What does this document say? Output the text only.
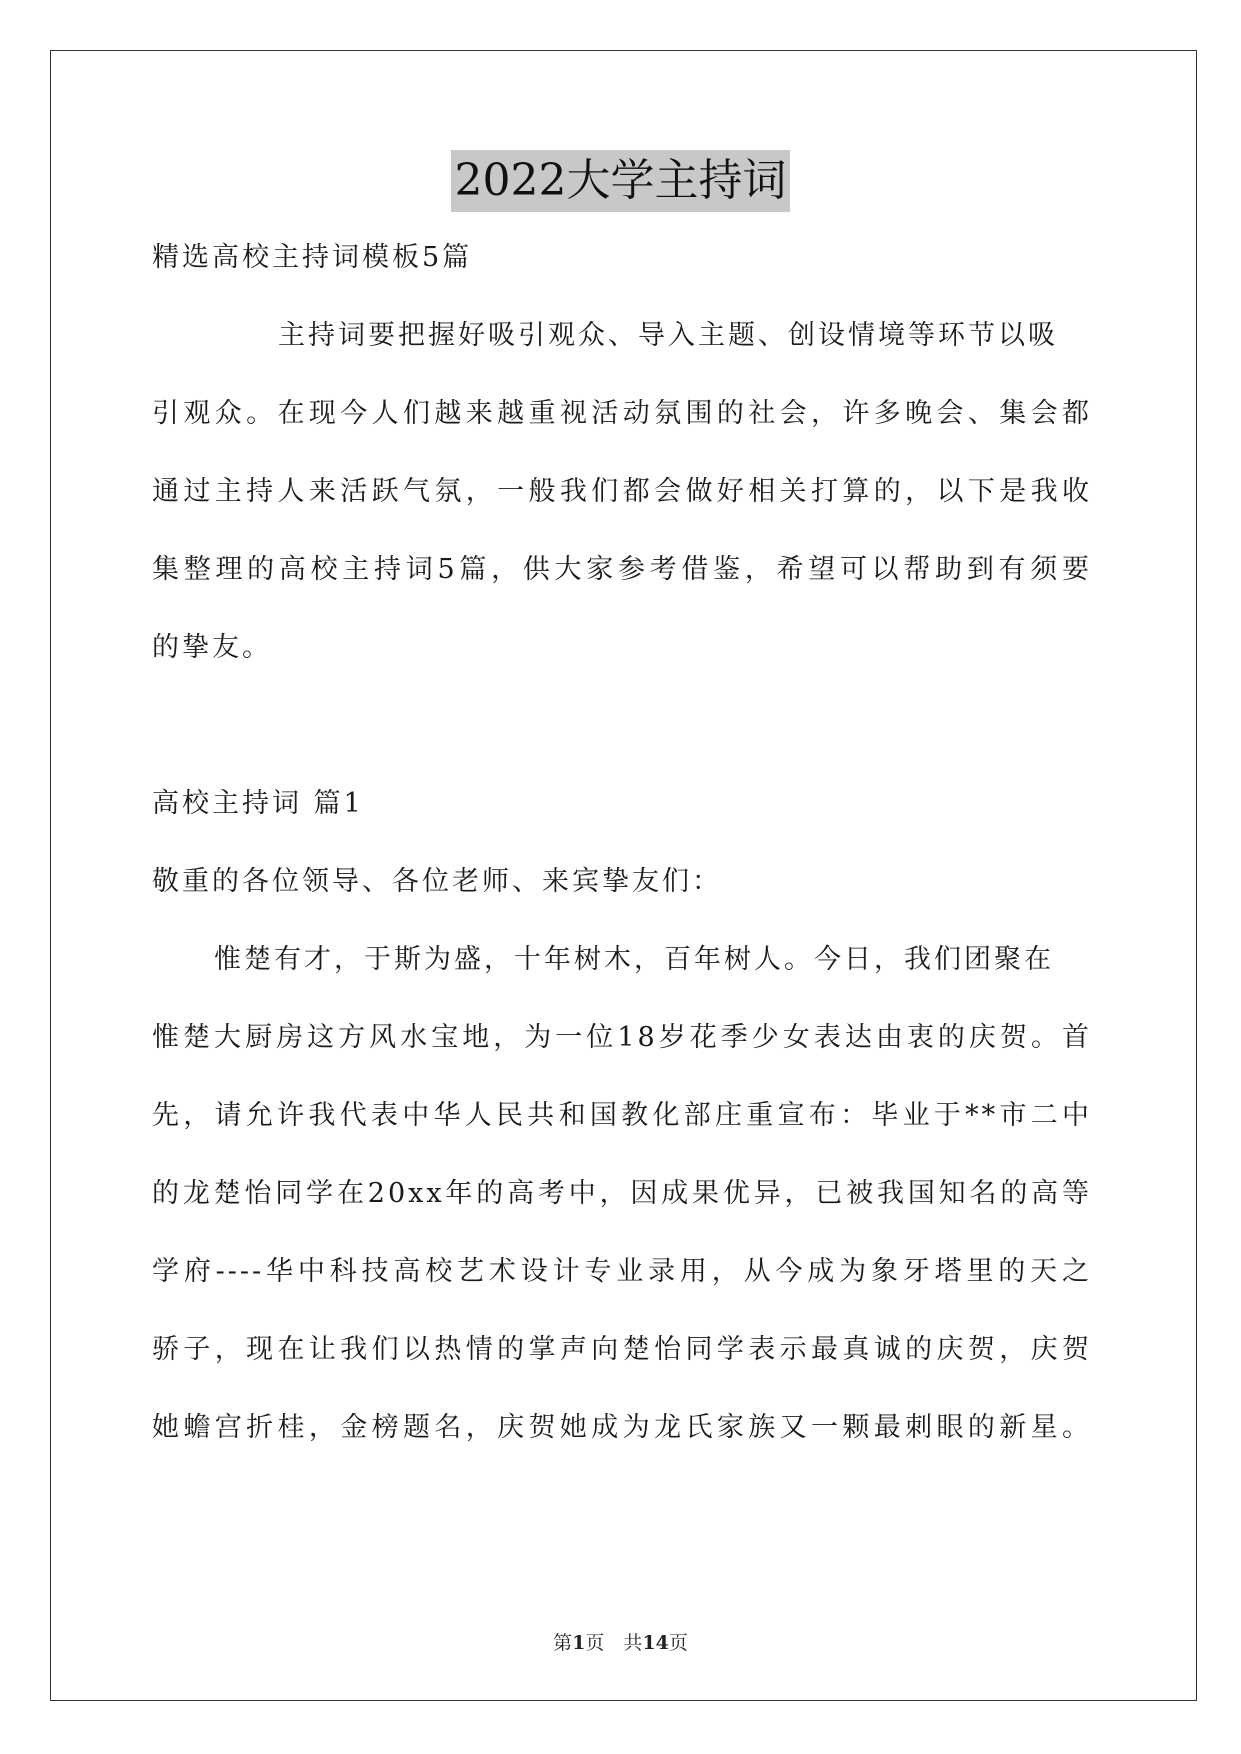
2022大学主持词
精选高校主持词模板5篇
主持词要把握好吸引观众、导入主题、创设情境等环节以吸
引观众。在现今人们越来越重视活动氛围的社会，许多晚会、集会都
通过主持人来活跃气氛，一般我们都会做好相关打算的，以下是我收
集整理的高校主持词5篇，供大家参考借鉴，希望可以帮助到有须要
的挚友。
高校主持词 篇1
敬重的各位领导、各位老师、来宾挚友们：
惟楚有才，于斯为盛，十年树木，百年树人。今日，我们团聚在
惟楚大厨房这方风水宝地，为一位18岁花季少女表达由衷的庆贺。首
先，请允许我代表中华人民共和国教化部庄重宣布：毕业于**市二中
的龙楚怡同学在20xx年的高考中，因成果优异，已被我国知名的高等
学府----华中科技高校艺术设计专业录用，从今成为象牙塔里的天之
骄子，现在让我们以热情的掌声向楚怡同学表示最真诚的庆贺，庆贺
她蟾宫折桂，金榜题名，庆贺她成为龙氏家族又一颗最刺眼的新星。
第1页　共14页
